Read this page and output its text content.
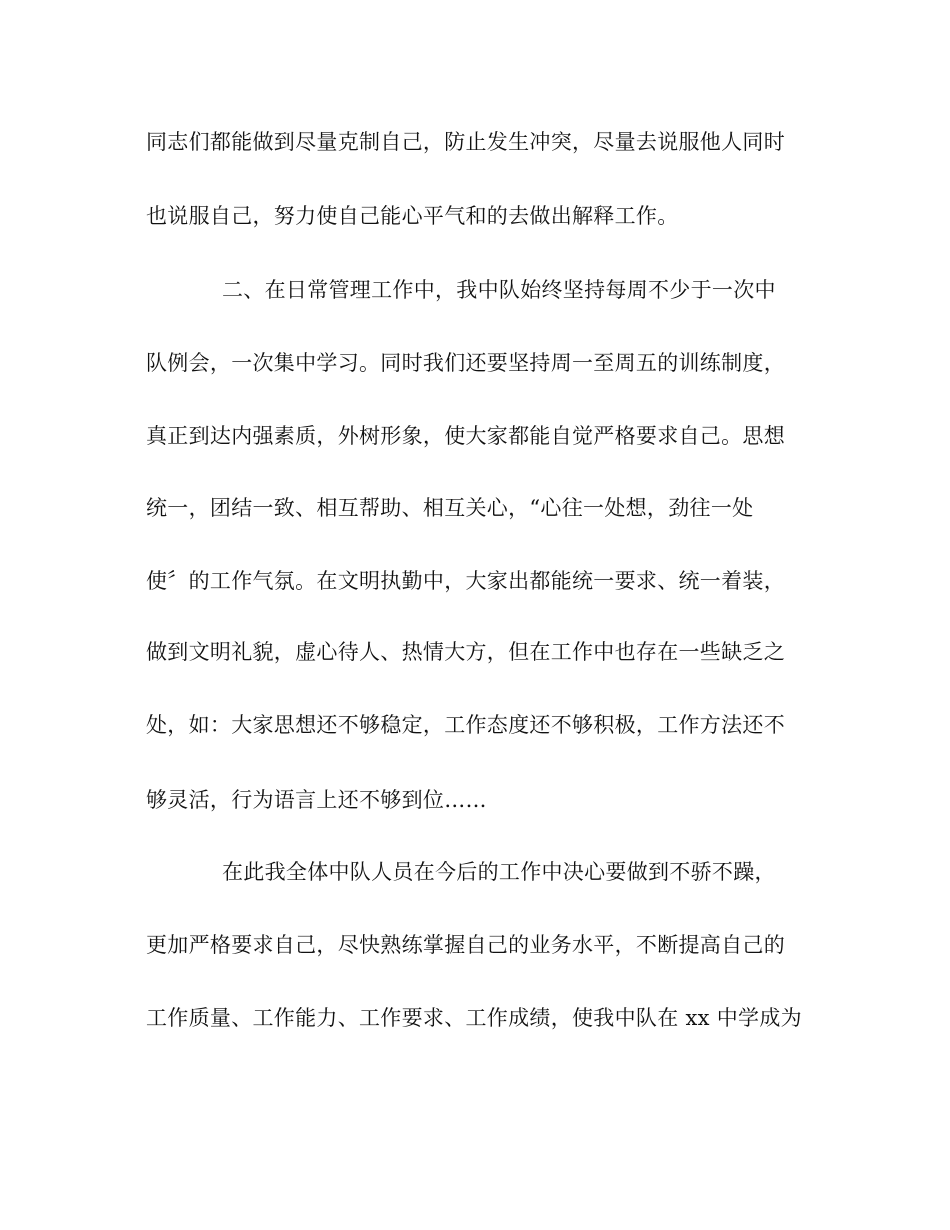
同志们都能做到尽量克制自己，防止发生冲突，尽量去说服他人同时
也说服自己，努力使自己能心平气和的去做出解释工作。
二、在日常管理工作中，我中队始终坚持每周不少于一次中
队例会，一次集中学习。同时我们还要坚持周一至周五的训练制度，
真正到达内强素质，外树形象，使大家都能自觉严格要求自己。思想
统一，团结一致、相互帮助、相互关心，“心往一处想，劲往一处
使〞的工作气氛。在文明执勤中，大家出都能统一要求、统一着装，
做到文明礼貌，虚心待人、热情大方，但在工作中也存在一些缺乏之
处，如：大家思想还不够稳定，工作态度还不够积极，工作方法还不
够灵活，行为语言上还不够到位……
在此我全体中队人员在今后的工作中决心要做到不骄不躁，
更加严格要求自己，尽快熟练掌握自己的业务水平，不断提高自己的
工作质量、工作能力、工作要求、工作成绩，使我中队在 xx 中学成为
